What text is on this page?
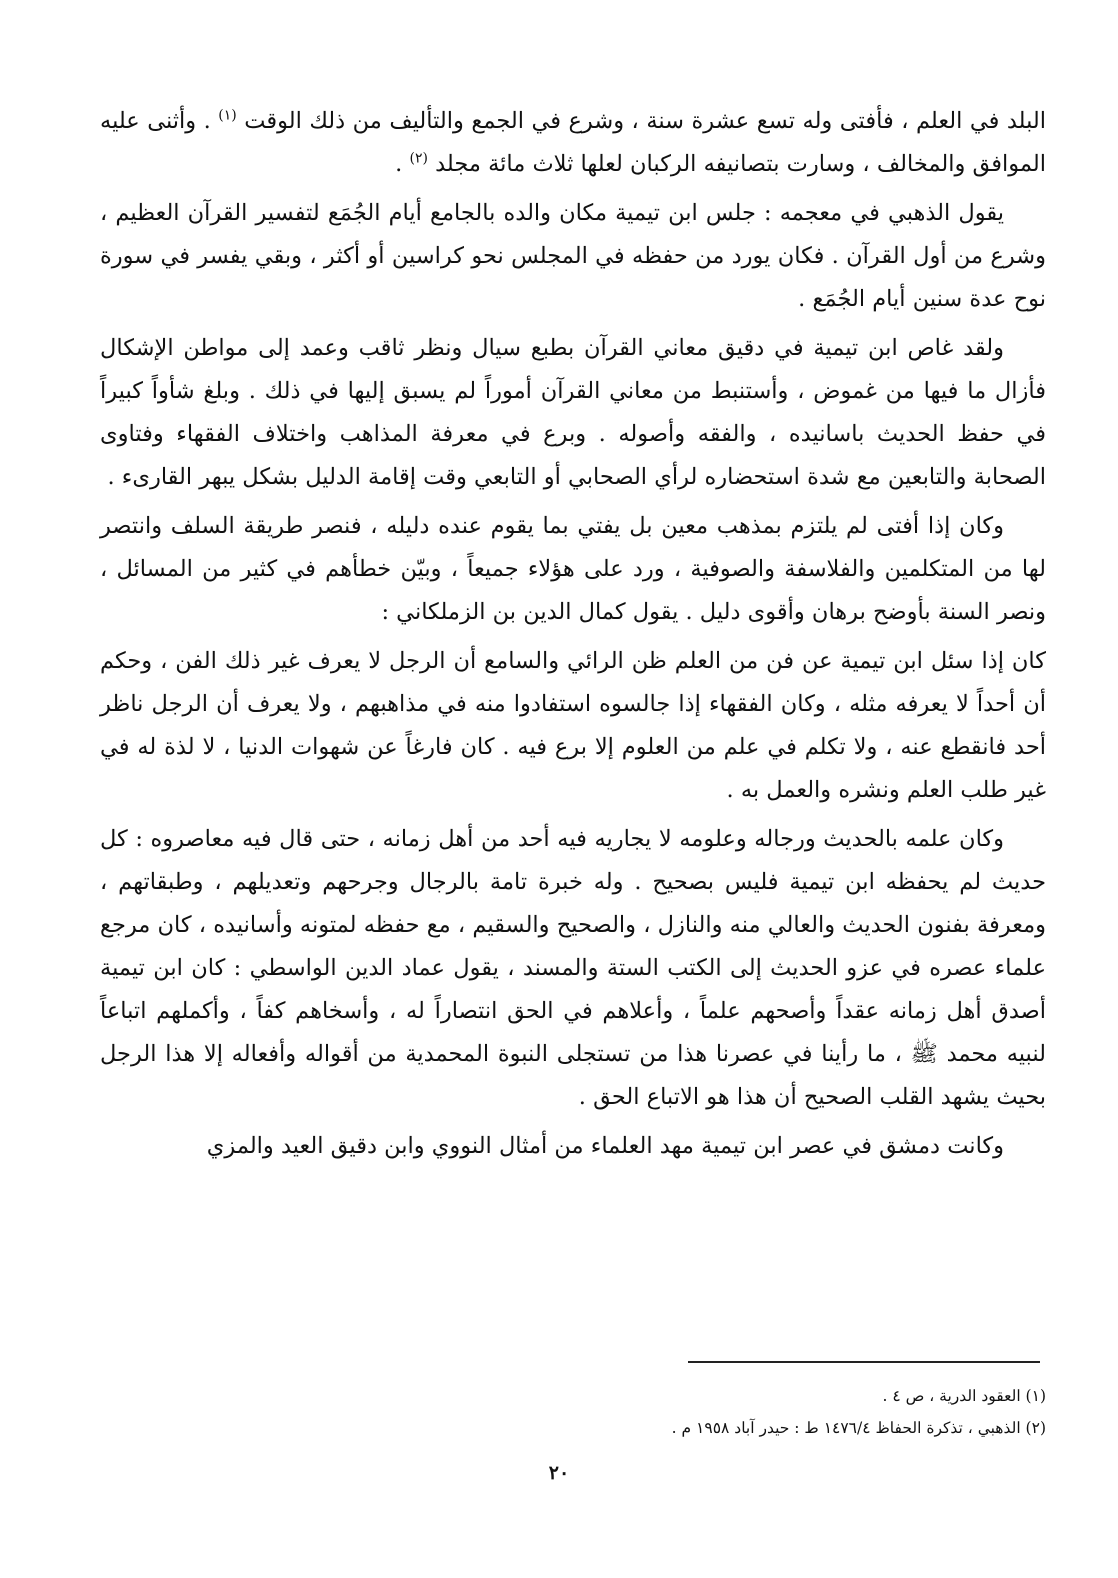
البلد في العلم ، فأفتى وله تسع عشرة سنة ، وشرع في الجمع والتأليف من ذلك الوقت $^{(١)}$ . وأثنى عليه الموافق والمخالف ، وسارت بتصانيفه الركبان لعلها ثلاث مائة مجلد $^{(٢)}$ .

يقول الذهبي في معجمه : جلس ابن تيمية مكان والده بالجامع أيام الجُمَع لتفسير القرآن العظيم ، وشرع من أول القرآن . فكان يورد من حفظه في المجلس نحو كراسين أو أكثر ، وبقي يفسر في سورة نوح عدة سنين أيام الجُمَع .

ولقد غاص ابن تيمية في دقيق معاني القرآن بطبع سيال ونظر ثاقب وعمد إلى مواطن الإشكال فأزال ما فيها من غموض ، وأستنبط من معاني القرآن أموراً لم يسبق إليها في ذلك . وبلغ شأواً كبيراً في حفظ الحديث باسانيده ، والفقه وأصوله . وبرع في معرفة المذاهب واختلاف الفقهاء وفتاوى الصحابة والتابعين مع شدة استحضاره لرأي الصحابي أو التابعي وقت إقامة الدليل بشكل يبهر القارىء .

وكان إذا أفتى لم يلتزم بمذهب معين بل يفتي بما يقوم عنده دليله ، فنصر طريقة السلف وانتصر لها من المتكلمين والفلاسفة والصوفية ، ورد على هؤلاء جميعاً ، وبيّن خطأهم في كثير من المسائل ، ونصر السنة بأوضح برهان وأقوى دليل . يقول كمال الدين بن الزملكاني :

كان إذا سئل ابن تيمية عن فن من العلم ظن الرائي والسامع أن الرجل لا يعرف غير ذلك الفن ، وحكم أن أحداً لا يعرفه مثله ، وكان الفقهاء إذا جالسوه استفادوا منه في مذاهبهم ، ولا يعرف أن الرجل ناظر أحد فانقطع عنه ، ولا تكلم في علم من العلوم إلا برع فيه . كان فارغاً عن شهوات الدنيا ، لا لذة له في غير طلب العلم ونشره والعمل به .

وكان علمه بالحديث ورجاله وعلومه لا يجاريه فيه أحد من أهل زمانه ، حتى قال فيه معاصروه : كل حديث لم يحفظه ابن تيمية فليس بصحيح . وله خبرة تامة بالرجال وجرحهم وتعديلهم ، وطبقاتهم ، ومعرفة بفنون الحديث والعالي منه والنازل ، والصحيح والسقيم ، مع حفظه لمتونه وأسانيده ، كان مرجع علماء عصره في عزو الحديث إلى الكتب الستة والمسند ، يقول عماد الدين الواسطي : كان ابن تيمية أصدق أهل زمانه عقداً وأصحهم علماً ، وأعلاهم في الحق انتصاراً له ، وأسخاهم كفاً ، وأكملهم اتباعاً لنبيه محمد ﷺ ، ما رأينا في عصرنا هذا من تستجلى النبوة المحمدية من أقواله وأفعاله إلا هذا الرجل بحيث يشهد القلب الصحيح أن هذا هو الاتباع الحق .

وكانت دمشق في عصر ابن تيمية مهد العلماء من أمثال النووي وابن دقيق العيد والمزي

(١) العقود الدرية ، ص ٤ .

(٢) الذهبي ، تذكرة الحفاظ ١٤٧٦/٤ ط : حيدر آباد ١٩٥٨ م .

٢٠
